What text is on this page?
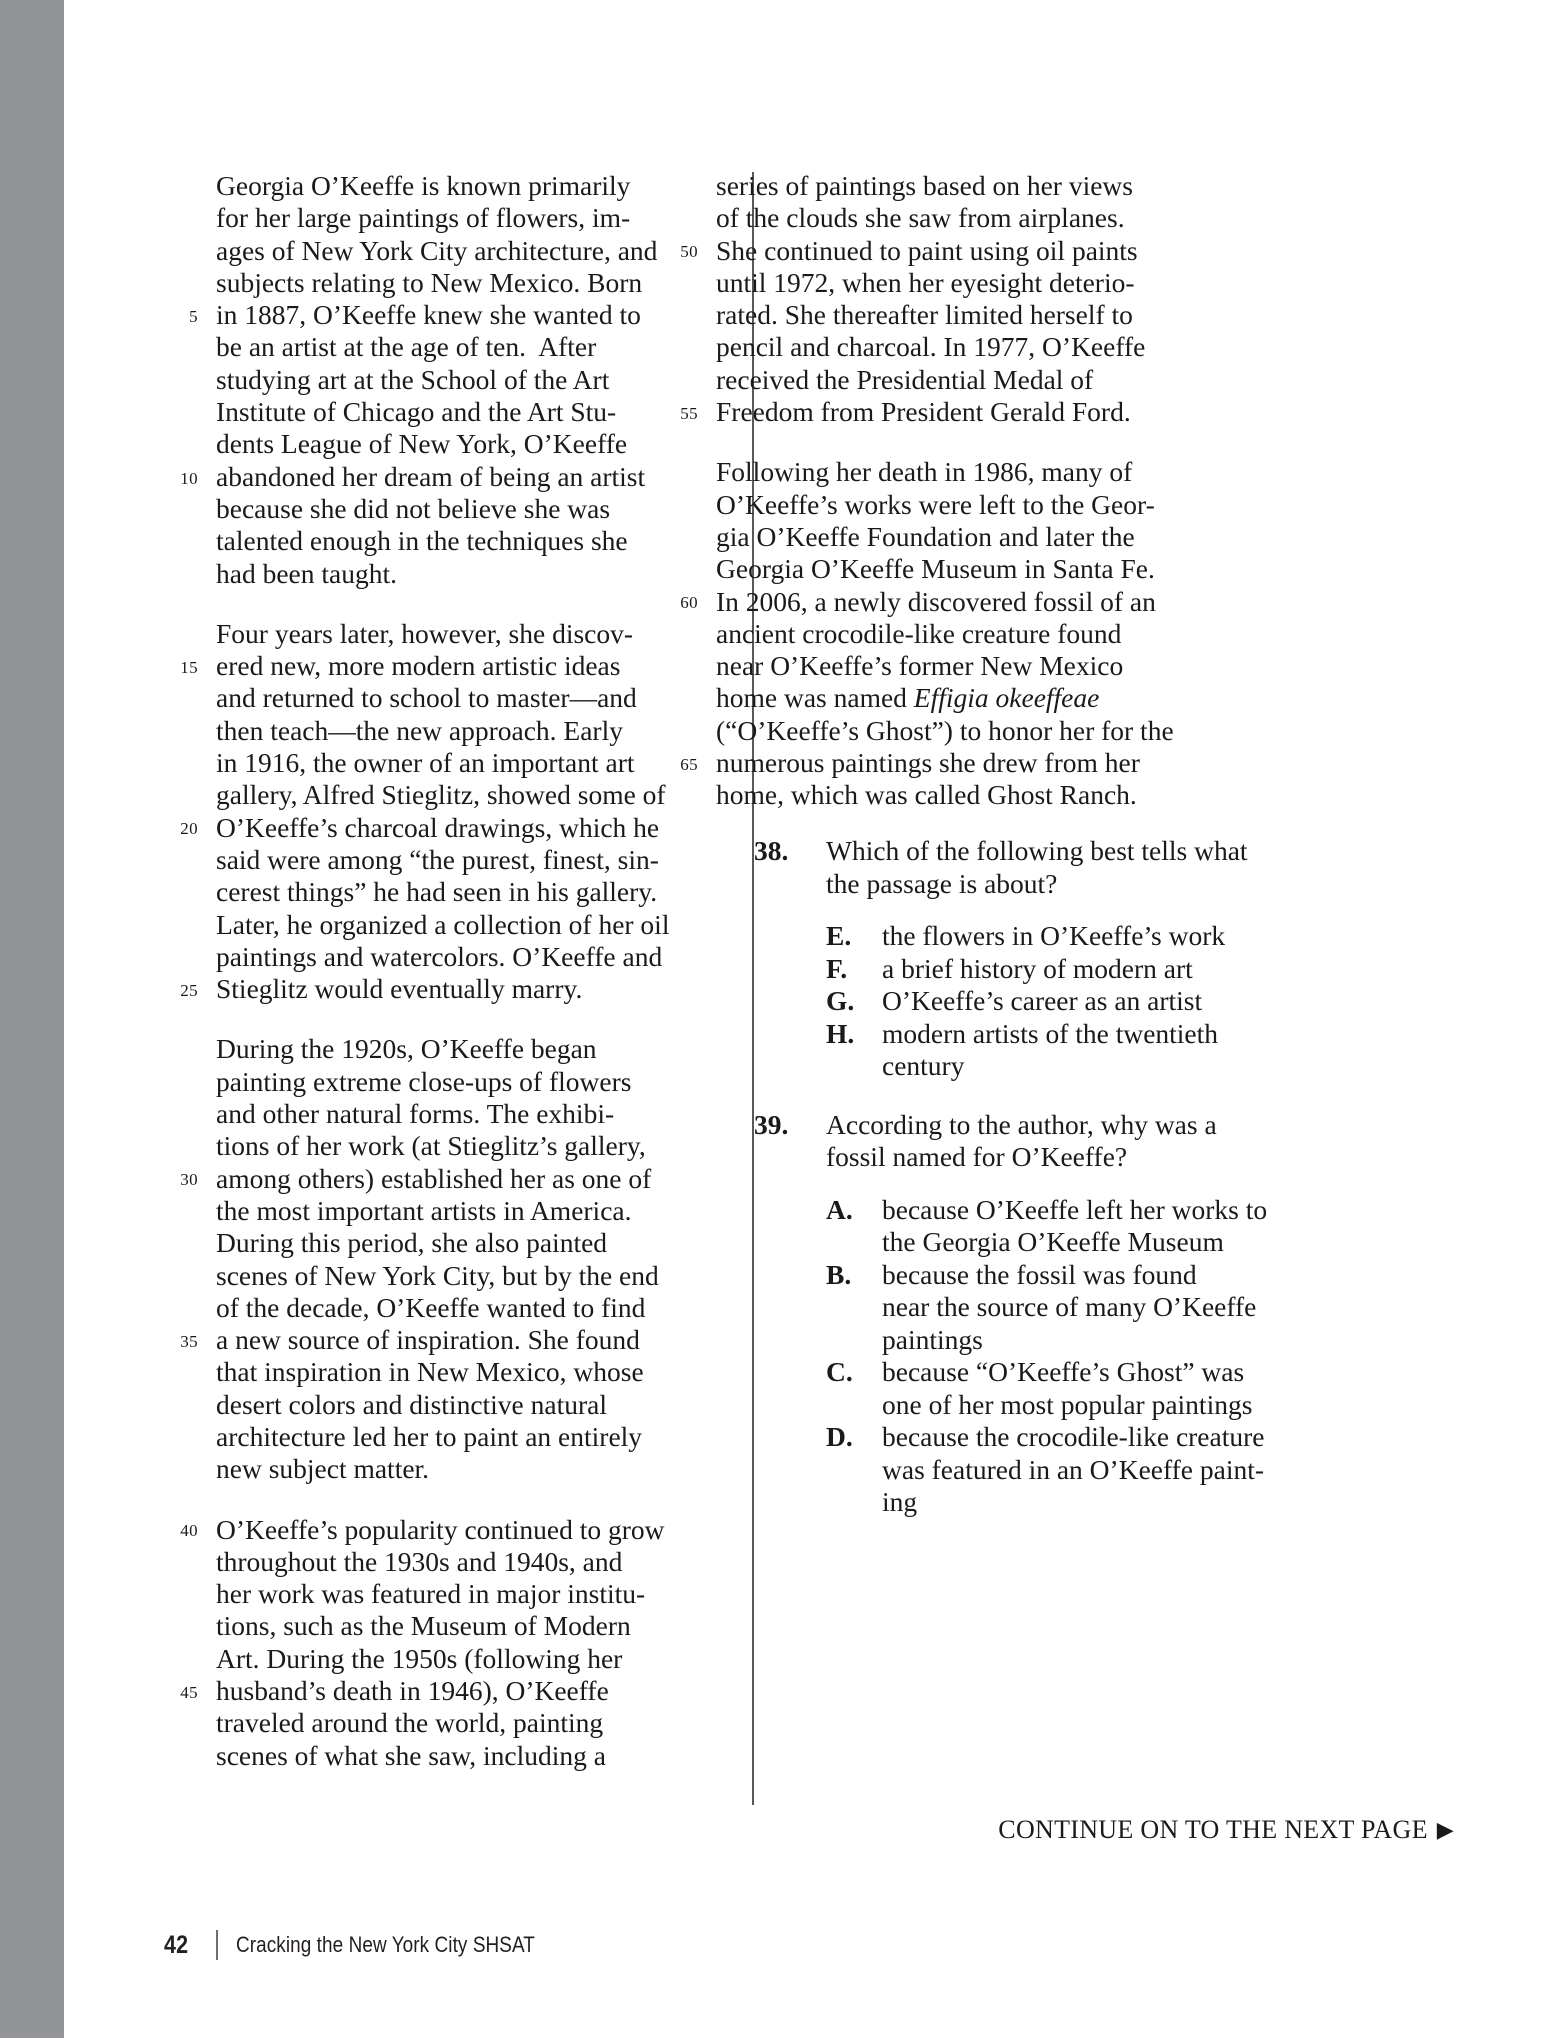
Georgia O’Keeffe is known primarily
for her large paintings of flowers, im-
ages of New York City architecture, and
subjects relating to New Mexico. Born
5 in 1887, O’Keeffe knew she wanted to
be an artist at the age of ten.  After
studying art at the School of the Art
Institute of Chicago and the Art Stu-
dents League of New York, O’Keeffe
10 abandoned her dream of being an artist
because she did not believe she was
talented enough in the techniques she
had been taught.

Four years later, however, she discov-
15 ered new, more modern artistic ideas
and returned to school to master—and
then teach—the new approach. Early
in 1916, the owner of an important art
gallery, Alfred Stieglitz, showed some of
20 O’Keeffe’s charcoal drawings, which he
said were among “the purest, finest, sin-
cerest things” he had seen in his gallery.
Later, he organized a collection of her oil
paintings and watercolors. O’Keeffe and
25 Stieglitz would eventually marry.

During the 1920s, O’Keeffe began
painting extreme close-ups of flowers
and other natural forms. The exhibi-
tions of her work (at Stieglitz’s gallery,
30 among others) established her as one of
the most important artists in America.
During this period, she also painted
scenes of New York City, but by the end
of the decade, O’Keeffe wanted to find
35 a new source of inspiration. She found
that inspiration in New Mexico, whose
desert colors and distinctive natural
architecture led her to paint an entirely
new subject matter.

40 O’Keeffe’s popularity continued to grow
throughout the 1930s and 1940s, and
her work was featured in major institu-
tions, such as the Museum of Modern
Art. During the 1950s (following her
45 husband’s death in 1946), O’Keeffe
traveled around the world, painting
scenes of what she saw, including a

series of paintings based on her views
of the clouds she saw from airplanes.
50 She continued to paint using oil paints
until 1972, when her eyesight deterio-
rated. She thereafter limited herself to
pencil and charcoal. In 1977, O’Keeffe
received the Presidential Medal of
55 Freedom from President Gerald Ford.

Following her death in 1986, many of
O’Keeffe’s works were left to the Geor-
gia O’Keeffe Foundation and later the
Georgia O’Keeffe Museum in Santa Fe.
60 In 2006, a newly discovered fossil of an
ancient crocodile-like creature found
near O’Keeffe’s former New Mexico
home was named Effigia okeeffeae
(“O’Keeffe’s Ghost”) to honor her for the
65 numerous paintings she drew from her
home, which was called Ghost Ranch.

38. Which of the following best tells what
the passage is about?
E. the flowers in O’Keeffe’s work
F. a brief history of modern art
G. O’Keeffe’s career as an artist
H. modern artists of the twentieth
century
39. According to the author, why was a
fossil named for O’Keeffe?
A. because O’Keeffe left her works to
the Georgia O’Keeffe Museum
B. because the fossil was found
near the source of many O’Keeffe
paintings
C. because “O’Keeffe’s Ghost” was
one of her most popular paintings
D. because the crocodile-like creature
was featured in an O’Keeffe paint-
ing
CONTINUE ON TO THE NEXT PAGE ▶
42 Cracking the New York City SHSAT
